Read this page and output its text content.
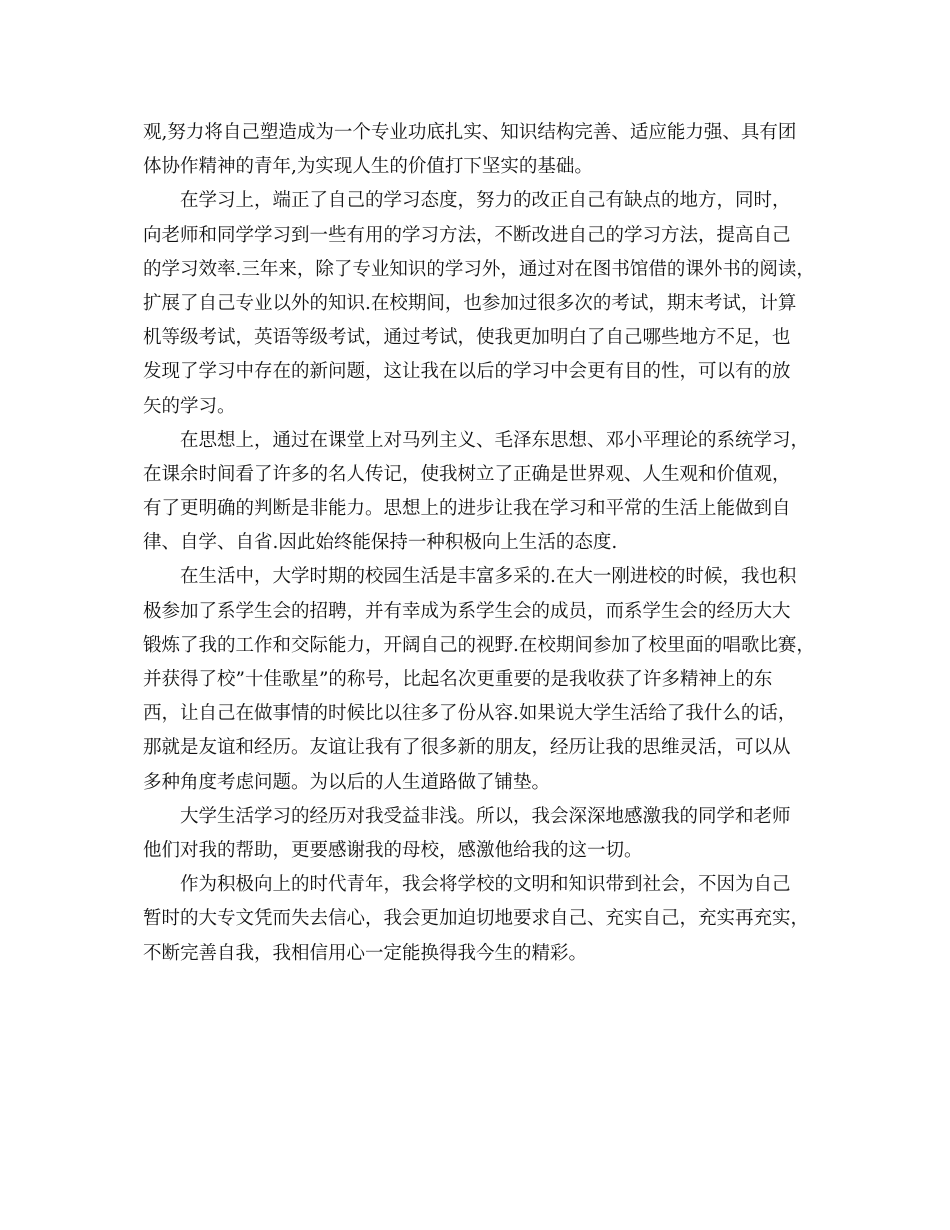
观,努力将自己塑造成为一个专业功底扎实、知识结构完善、适应能力强、具有团
体协作精神的青年,为实现人生的价值打下坚实的基础。
在学习上，端正了自己的学习态度，努力的改正自己有缺点的地方，同时，
向老师和同学学习到一些有用的学习方法，不断改进自己的学习方法，提高自己
的学习效率.三年来，除了专业知识的学习外，通过对在图书馆借的课外书的阅读，
扩展了自己专业以外的知识.在校期间，也参加过很多次的考试，期末考试，计算
机等级考试，英语等级考试，通过考试，使我更加明白了自己哪些地方不足，也
发现了学习中存在的新问题，这让我在以后的学习中会更有目的性，可以有的放
矢的学习。
在思想上，通过在课堂上对马列主义、毛泽东思想、邓小平理论的系统学习，
在课余时间看了许多的名人传记，使我树立了正确是世界观、人生观和价值观，
有了更明确的判断是非能力。思想上的进步让我在学习和平常的生活上能做到自
律、自学、自省.因此始终能保持一种积极向上生活的态度.
在生活中，大学时期的校园生活是丰富多采的.在大一刚进校的时候，我也积
极参加了系学生会的招聘，并有幸成为系学生会的成员，而系学生会的经历大大
锻炼了我的工作和交际能力，开阔自己的视野.在校期间参加了校里面的唱歌比赛，
并获得了校”十佳歌星”的称号，比起名次更重要的是我收获了许多精神上的东
西，让自己在做事情的时候比以往多了份从容.如果说大学生活给了我什么的话，
那就是友谊和经历。友谊让我有了很多新的朋友，经历让我的思维灵活，可以从
多种角度考虑问题。为以后的人生道路做了铺垫。
大学生活学习的经历对我受益非浅。所以，我会深深地感激我的同学和老师
他们对我的帮助，更要感谢我的母校，感激他给我的这一切。
作为积极向上的时代青年，我会将学校的文明和知识带到社会，不因为自己
暂时的大专文凭而失去信心，我会更加迫切地要求自己、充实自己，充实再充实，
不断完善自我，我相信用心一定能换得我今生的精彩。
